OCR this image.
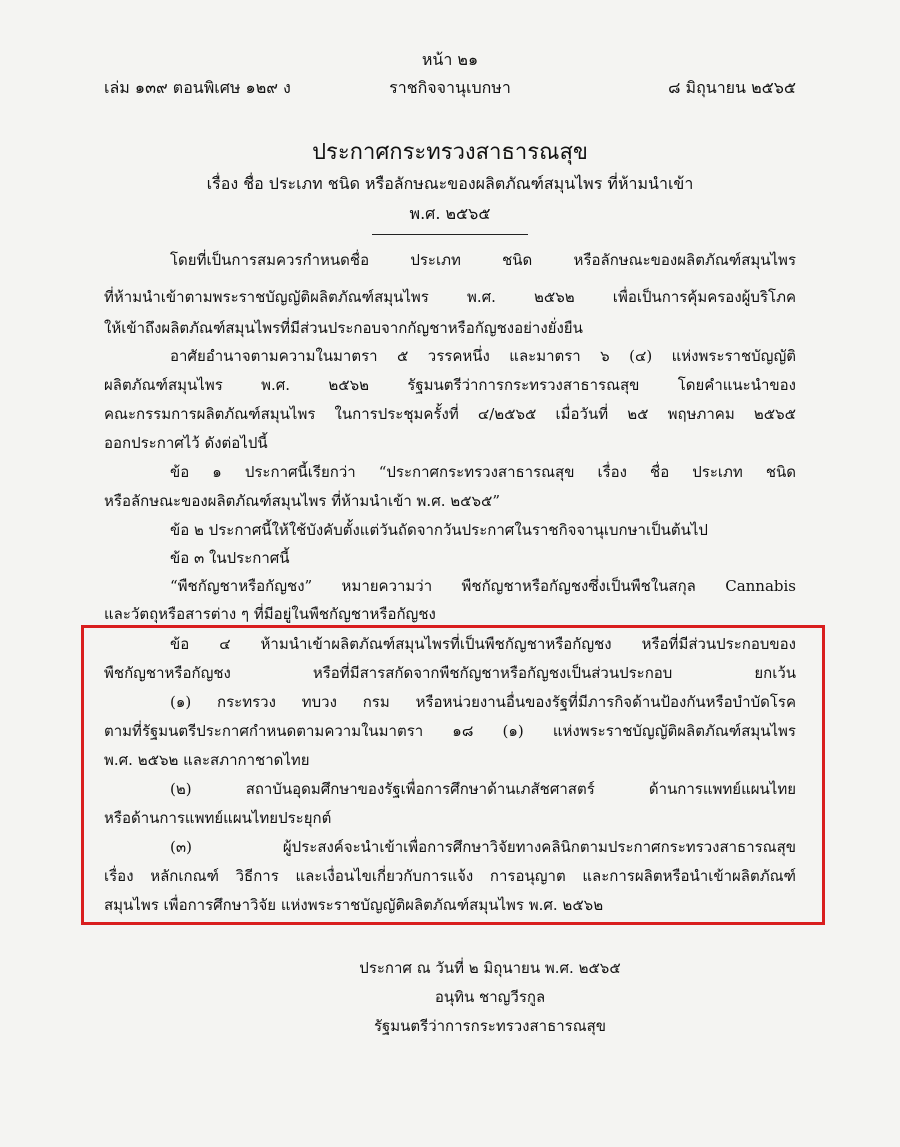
หน้า ๒๑
เล่ม ๑๓๙ ตอนพิเศษ ๑๒๙ ง	ราชกิจจานุเบกษา	๘ มิถุนายน ๒๕๖๕
ประกาศกระทรวงสาธารณสุข
เรื่อง ชื่อ ประเภท ชนิด หรือลักษณะของผลิตภัณฑ์สมุนไพร ที่ห้ามนำเข้า
พ.ศ. ๒๕๖๕
โดยที่เป็นการสมควรกำหนดชื่อ ประเภท ชนิด หรือลักษณะของผลิตภัณฑ์สมุนไพร
ที่ห้ามนำเข้าตามพระราชบัญญัติผลิตภัณฑ์สมุนไพร พ.ศ. ๒๕๖๒ เพื่อเป็นการคุ้มครองผู้บริโภค
ให้เข้าถึงผลิตภัณฑ์สมุนไพรที่มีส่วนประกอบจากกัญชาหรือกัญชงอย่างยั่งยืน
อาศัยอำนาจตามความในมาตรา ๕ วรรคหนึ่ง และมาตรา ๖ (๔) แห่งพระราชบัญญัติ
ผลิตภัณฑ์สมุนไพร พ.ศ. ๒๕๖๒ รัฐมนตรีว่าการกระทรวงสาธารณสุข โดยคำแนะนำของ
คณะกรรมการผลิตภัณฑ์สมุนไพร ในการประชุมครั้งที่ ๔/๒๕๖๕ เมื่อวันที่ ๒๕ พฤษภาคม ๒๕๖๕
ออกประกาศไว้ ดังต่อไปนี้
ข้อ ๑ ประกาศนี้เรียกว่า “ประกาศกระทรวงสาธารณสุข เรื่อง ชื่อ ประเภท ชนิด
หรือลักษณะของผลิตภัณฑ์สมุนไพร ที่ห้ามนำเข้า พ.ศ. ๒๕๖๕”
ข้อ ๒ ประกาศนี้ให้ใช้บังคับตั้งแต่วันถัดจากวันประกาศในราชกิจจานุเบกษาเป็นต้นไป
ข้อ ๓ ในประกาศนี้
“พืชกัญชาหรือกัญชง” หมายความว่า พืชกัญชาหรือกัญชงซึ่งเป็นพืชในสกุล Cannabis
และวัตถุหรือสารต่าง ๆ ที่มีอยู่ในพืชกัญชาหรือกัญชง
ข้อ ๔ ห้ามนำเข้าผลิตภัณฑ์สมุนไพรที่เป็นพืชกัญชาหรือกัญชง หรือที่มีส่วนประกอบของ
พืชกัญชาหรือกัญชง หรือที่มีสารสกัดจากพืชกัญชาหรือกัญชงเป็นส่วนประกอบ ยกเว้น
(๑) กระทรวง ทบวง กรม หรือหน่วยงานอื่นของรัฐที่มีภารกิจด้านป้องกันหรือบำบัดโรค
ตามที่รัฐมนตรีประกาศกำหนดตามความในมาตรา ๑๘ (๑) แห่งพระราชบัญญัติผลิตภัณฑ์สมุนไพร
พ.ศ. ๒๕๖๒ และสภากาชาดไทย
(๒) สถาบันอุดมศึกษาของรัฐเพื่อการศึกษาด้านเภสัชศาสตร์ ด้านการแพทย์แผนไทย
หรือด้านการแพทย์แผนไทยประยุกต์
(๓) ผู้ประสงค์จะนำเข้าเพื่อการศึกษาวิจัยทางคลินิกตามประกาศกระทรวงสาธารณสุข
เรื่อง หลักเกณฑ์ วิธีการ และเงื่อนไขเกี่ยวกับการแจ้ง การอนุญาต และการผลิตหรือนำเข้าผลิตภัณฑ์
สมุนไพร เพื่อการศึกษาวิจัย แห่งพระราชบัญญัติผลิตภัณฑ์สมุนไพร พ.ศ. ๒๕๖๒
ประกาศ ณ วันที่ ๒ มิถุนายน พ.ศ. ๒๕๖๕
อนุทิน ชาญวีรกูล
รัฐมนตรีว่าการกระทรวงสาธารณสุข
